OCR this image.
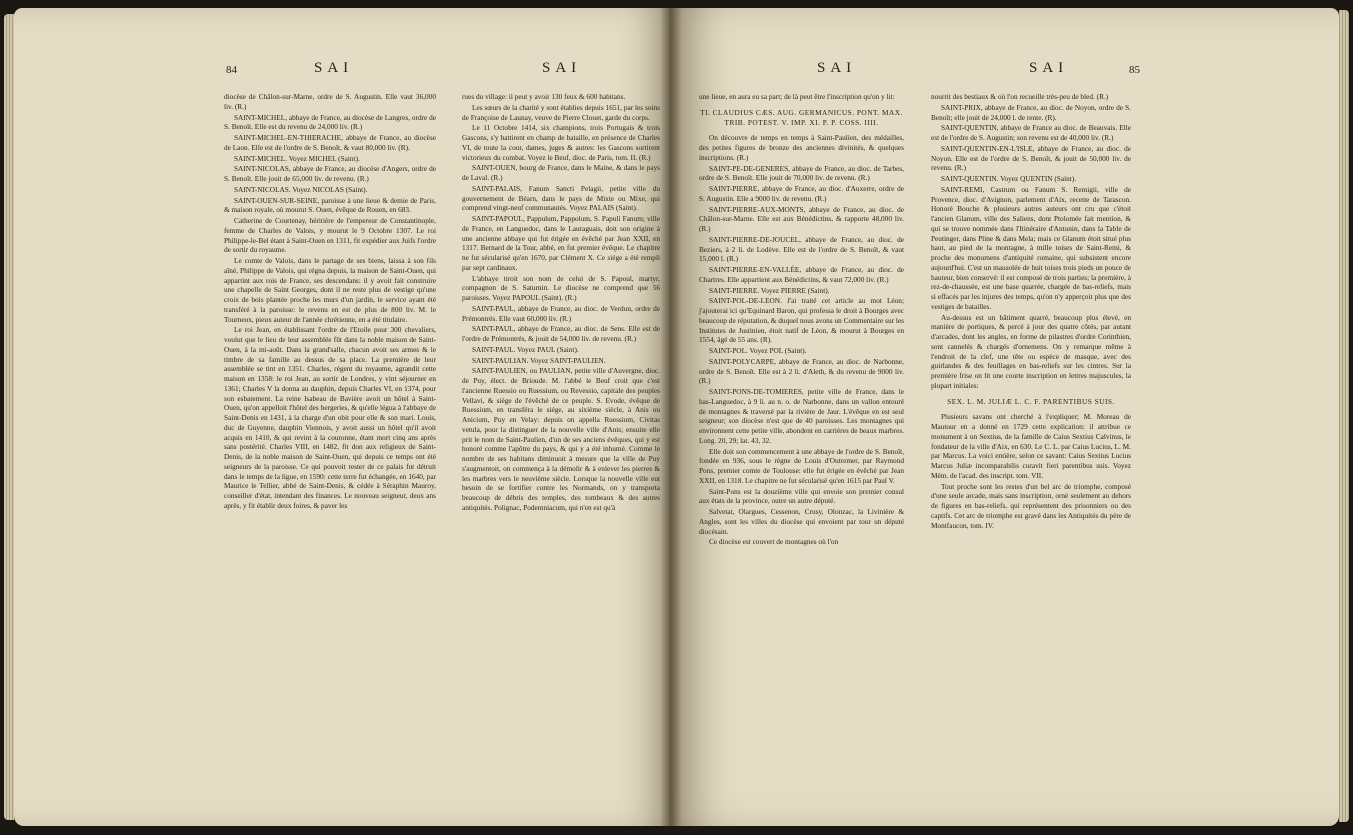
84	SAI	SAI

diocèse de Châlon-sur-Marne, ordre de S. Augustin. Elle vaut 36,000 liv. (R.)

SAINT-MICHEL, abbaye de France, au diocèse de Langres, ordre de S. Benoît. Elle est du revenu de 24,000 liv. (R.)

SAINT-MICHEL-EN-THIERACHE, abbaye de France, au diocèse de Laon. Elle est de l'ordre de S. Benoît, & vaut 80,000 liv. (R).

SAINT-MICHEL. Voyez MICHEL (Saint).

SAINT-NICOLAS, abbaye de France, au diocèse d'Angers, ordre de S. Benoît. Elle jouit de 65,000 liv. de revenu. (R.)

SAINT-NICOLAS. Voyez NICOLAS (Saint).

SAINT-OUEN-SUR-SEINE, paroisse à une lieue & demie de Paris, & maison royale, où mourut S. Ouen, évêque de Rouen, en 683.

Catherine de Courtenay, héritière de l'empereur de Constantinople, femme de Charles de Valois, y mourut le 9 Octobre 1307. Le roi Philippe-le-Bel étant à Saint-Ouen en 1311, fit expédier aux Juifs l'ordre de sortir du royaume.

Le comte de Valois, dans le partage de ses biens, laissa à son fils aîné, Philippe de Valois, qui régna depuis, la maison de Saint-Ouen, qui appartint aux rois de France, ses descendans: il y avoit fait construire une chapelle de Saint Georges, dont il ne reste plus de vestige qu'une croix de bois plantée proche les murs d'un jardin, le service ayant été transféré à la paroisse: le revenu en est de plus de 800 liv. M. le Tourneux, pieux auteur de l'année chrétienne, en a été titulaire.

Le roi Jean, en établissant l'ordre de l'Etoile pour 300 chevaliers, voulut que le lieu de leur assemblée fût dans la noble maison de Saint-Ouen, à la mi-août. Dans la grand'salle, chacun avoit ses armes & le timbre de sa famille au dessus de sa place. La première de leur assemblée se tint en 1351. Charles, régent du royaume, agrandit cette maison en 1358: le roi Jean, au sortir de Londres, y vint séjourner en 1361; Charles V la donna au dauphin, depuis Charles VI, en 1374, pour son esbatement. La reine Isabeau de Bavière avoit un hôtel à Saint-Ouen, qu'on appelloit l'hôtel des bergeries, & qu'elle légua à l'abbaye de Saint-Denis en 1431, à la charge d'un obit pour elle & son mari. Louis, duc de Guyenne, dauphin Viennois, y avoit aussi un hôtel qu'il avoit acquis en 1410, & qui revint à la couronne, étant mort cinq ans après sans postérité. Charles VIII, en 1482, fit don aux religieux de Saint-Denis, de la noble maison de Saint-Ouen, qui depuis ce temps ont été seigneurs de la paroisse. Ce qui pouvoit rester de ce palais fut détruit dans le temps de la ligue, en 1590: cette terre fut échangée, en 1640, par Maurice le Tellier, abbé de Saint-Denis, & cédée à Séraphin Mauroy, conseiller d'état, intendant des finances. Le nouveau seigneur, deux ans après, y fit établir deux foires, & paver les

rues du village: il peut y avoir 130 feux & 600 habitans.

Les sœurs de la charité y sont établies depuis 1651, par les soins de Françoise de Launay, veuve de Pierre Clouet, garde du corps.

Le 11 Octobre 1414, six champions, trois Portugais & trois Gascons, s'y battirent en champ de bataille, en présence de Charles VI, de toute la cour, dames, juges & autres: les Gascons sortirent victorieux du combat. Voyez le Beuf, dioc. de Paris, tom. II. (R.)

SAINT-OUEN, bourg de France, dans le Maine, & dans le pays de Laval. (R.)

SAINT-PALAIS, Fanum Sancti Pelagii, petite ville du gouvernement de Béarn, dans le pays de Mixte ou Mixe, qui comprend vingt-neuf communautés. Voyez PALAIS (Saint).

SAINT-PAPOUL, Pappulum, Pappolum, S. Papuli Fanum; ville de France, en Languedoc, dans le Lauraguais, doit son origine à une ancienne abbaye qui fut érigée en évêché par Jean XXII, en 1317. Bernard de la Tour, abbé, en fut premier évêque. Le chapitre ne fut sécularisé qu'en 1670, par Clément X. Ce siége a été rempli par sept cardinaux.

L'abbaye tiroit son nom de celui de S. Papoul, martyr, compagnon de S. Saturnin. Le diocèse ne comprend que 56 paroisses. Voyez PAPOUL (Saint). (R.)

SAINT-PAUL, abbaye de France, au dioc. de Verdun, ordre de Prémontrés. Elle vaut 60,000 liv. (R.)

SAINT-PAUL, abbaye de France, au dioc. de Sens. Elle est de l'ordre de Prémontrés, & jouit de 54,000 liv. de revenu. (R.)

SAINT-PAUL. Voyez PAUL (Saint).

SAINT-PAULIAN. Voyez SAINT-PAULIEN.

SAINT-PAULIEN, ou PAULIAN, petite ville d'Auvergne, dioc. de Puy, élect. de Brioude. M. l'abbé le Beuf croit que c'est l'ancienne Ruessio ou Ruessium, ou Revessio, capitale des peuples Vellavi, & siége de l'évêché de ce peuple. S. Evode, évêque de Ruessium, en transféra le siége, au sixième siècle, à Anis ou Anicium, Puy en Velay: depuis on appella Ruessium, Civitas vetula, pour la distinguer de la nouvelle ville d'Anis; ensuite elle prit le nom de Saint-Paulien, d'un de ses anciens évêques, qui y est honoré comme l'apôtre du pays, & qui y a été inhumé. Comme le nombre de ses habitans diminuoit à mesure que la ville de Puy s'augmentoit, on commença à la démolir & à enlever les pierres & les marbres vers le neuvième siècle. Lorsque la nouvelle ville eut besoin de se fortifier contre les Normands, on y transporta beaucoup de débris des temples, des tombeaux & des autres antiquités. Polignac, Podemniacum, qui n'en est qu'à

SAI	SAI	85

une lieue, en aura eu sa part; de là peut être l'inscription qu'on y lit:

TI. CLAUDIUS CÆS. AUG. GERMANICUS. PONT. MAX. TRIB. POTEST. V. IMP. XI. P. P. COSS. IIII.

On découvre de temps en temps à Saint-Paulien, des médailles, des petites figures de bronze des anciennes divinités, & quelques inscriptions. (R.)

SAINT-PE-DE-GENERES, abbaye de France, au dioc. de Tarbes, ordre de S. Benoît. Elle jouit de 70,000 liv. de revenu. (R.)

SAINT-PIERRE, abbaye de France, au dioc. d'Auxerre, ordre de S. Augustin. Elle a 9000 liv. de revenu. (R.)

SAINT-PIERRE-AUX-MONTS, abbaye de France, au dioc. de Châlon-sur-Marne. Elle est aux Bénédictins, & rapporte 48,000 liv. (R.)

SAINT-PIERRE-DE-JOUCEL, abbaye de France, au dioc. de Beziers, à 2 li. de Lodève. Elle est de l'ordre de S. Benoît, & vaut 15,000 l. (R.)

SAINT-PIERRE-EN-VALLÉE, abbaye de France, au dioc. de Chartres. Elle appartient aux Bénédictins, & vaut 72,000 liv. (R.)

SAINT-PIERRE. Voyez PIERRE (Saint).

SAINT-POL-DE-LEON. J'ai traité cet article au mot Léon; j'ajouterai ici qu'Equinard Baron, qui professa le droit à Bourges avec beaucoup de réputation, & duquel nous avons un Commentaire sur les Institutes de Justinien, étoit natif de Léon, & mourut à Bourges en 1554, âgé de 55 ans. (R).

SAINT-POL. Voyez POL (Saint).

SAINT-POLYCARPE, abbaye de France, au dioc. de Narbonne, ordre de S. Benoît. Elle est à 2 li. d'Aleth, & du revenu de 9000 liv. (R.)

SAINT-PONS-DE-TOMIERES, petite ville de France, dans le bas-Languedoc, à 9 li. au n. o. de Narbonne, dans un vallon entouré de montagnes & traversé par la rivière de Jaur. L'évêque en est seul seigneur; son diocèse n'est que de 40 paroisses. Les montagnes qui environnent cette petite ville, abondent en carrières de beaux marbres. Long. 20, 29; lat. 43, 32.

Elle doit son commencement à une abbaye de l'ordre de S. Benoît, fondée en 936, sous le règne de Louis d'Outremer, par Raymond Pons, premier comte de Toulouse: elle fut érigée en évêché par Jean XXII, en 1318. Le chapitre ne fut sécularisé qu'en 1615 par Paul V.

Saint-Pons est la douzième ville qui envoie son premier consul aux états de la province, outre un autre député.

Salvetat, Olargues, Cessenon, Crusy, Olonzac, la Livinière & Angles, sont les villes du diocèse qui envoient par tour un député diocésain.

Ce diocèse est couvert de montagnes où l'on

nourrit des bestiaux & où l'on recueille très-peu de bled. (R.)

SAINT-PRIX, abbaye de France, au dioc. de Noyon, ordre de S. Benoît; elle jouit de 24,000 l. de rente. (R).

SAINT-QUENTIN, abbaye de France au dioc. de Beauvais. Elle est de l'ordre de S. Augustin; son revenu est de 40,000 liv. (R.)

SAINT-QUENTIN-EN-L'ISLE, abbaye de France, au dioc. de Noyon. Elle est de l'ordre de S. Benoît, & jouit de 50,000 liv. de revenu. (R.)

SAINT-QUENTIN. Voyez QUENTIN (Saint).

SAINT-REMI, Castrum ou Fanum S. Remigii, ville de Provence, dioc. d'Avignon, parlement d'Aix, recette de Tarascon. Honoré Bouche & plusieurs autres auteurs ont cru que c'étoit l'ancien Glanum, ville des Saliens, dont Ptolomée fait mention, & qui se trouve nommée dans l'Itinéraire d'Antonin, dans la Table de Peutinger, dans Pline & dans Mela; mais ce Glanum étoit situé plus haut, au pied de la montagne, à mille toises de Saint-Remi, & proche des monumens d'antiquité romaine, qui subsistent encore aujourd'hui. C'est un mausolée de huit toises trois pieds un pouce de hauteur, bien conservé: il est composé de trois parties; la première, à rez-de-chaussée, est une base quarrée, chargée de bas-reliefs, mais si effacés par les injures des temps, qu'on n'y apperçoit plus que des vestiges de batailles.

Au-dessus est un bâtiment quarré, beaucoup plus élevé, en manière de portiques, & percé à jour des quatre côtés, par autant d'arcades, dont les angles, en forme de pilastres d'ordre Corinthien, sont cannelés & chargés d'ornemens. On y remarque même à l'endroit de la clef, une tête ou espèce de masque, avec des guirlandes & des feuillages en bas-reliefs sur les cintres. Sur la première frise on lit une courte inscription en lettres majuscules, la plupart initiales:

SEX. L. M. JULIÆ L. C. F. PARENTIBUS SUIS.

Plusieurs savans ont cherché à l'expliquer; M. Moreau de Mautour en a donné en 1729 cette explication: il attribue ce monument à un Sextius, de la famille de Caius Sextius Calvinus, le fondateur de la ville d'Aix, en 630. Le C. L. par Caius Lucius, L. M. par Marcus. La voici entière, selon ce savant: Caius Sextius Lucius Marcus Juliæ incomparabilis curavit fieri parentibus suis. Voyez Mém. de l'acad. des inscript. tom. VII.

Tout proche sont les restes d'un bel arc de triomphe, composé d'une seule arcade, mais sans inscription, orné seulement au dehors de figures en bas-reliefs, qui représentent des prisonniers ou des captifs. Cet arc de triomphe est gravé dans les Antiquités du père de Montfaucon, tom. IV.
